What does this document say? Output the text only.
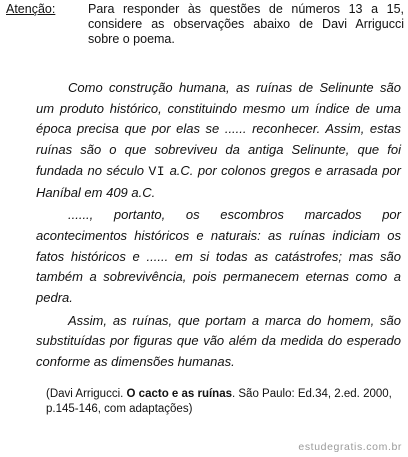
Atenção:	Para responder às questões de números 13 a 15, considere as observações abaixo de Davi Arrigucci sobre o poema.

Como construção humana, as ruínas de Selinunte são um produto histórico, constituindo mesmo um índice de uma época precisa que por elas se ...... reconhecer. Assim, estas ruínas são o que sobreviveu da antiga Selinunte, que foi fundada no século VI a.C. por colonos gregos e arrasada por Haníbal em 409 a.C.

......, portanto, os escombros marcados por acontecimentos históricos e naturais: as ruínas indiciam os fatos históricos e ...... em si todas as catástrofes; mas são também a sobrevivência, pois permanecem eternas como a pedra.

Assim, as ruínas, que portam a marca do homem, são substituídas por figuras que vão além da medida do esperado conforme as dimensões humanas.

(Davi Arrigucci. O cacto e as ruínas. São Paulo: Ed.34, 2.ed. 2000, p.145-146, com adaptações)
estudegratis.com.br
